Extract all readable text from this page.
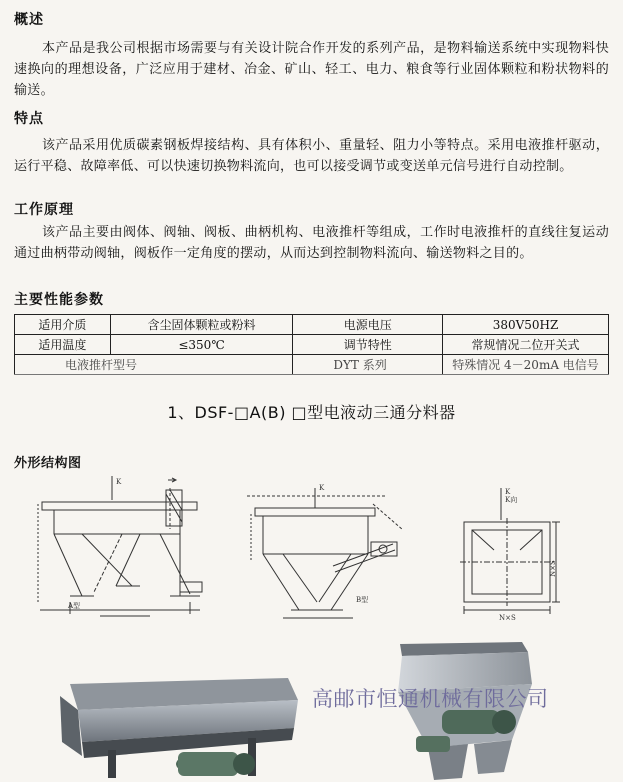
概述
本产品是我公司根据市场需要与有关设计院合作开发的系列产品，是物料输送系统中实现物料快速换向的理想设备，广泛应用于建材、冶金、矿山、轻工、电力、粮食等行业固体颗粒和粉状物料的输送。
特点
该产品采用优质碳素钢板焊接结构、具有体积小、重量轻、阻力小等特点。采用电液推杆驱动，运行平稳、故障率低、可以快速切换物料流向，也可以接受调节或变送单元信号进行自动控制。
工作原理
该产品主要由阀体、阀轴、阀板、曲柄机构、电液推杆等组成，工作时电液推杆的直线往复运动通过曲柄带动阀轴，阀板作一定角度的摆动，从而达到控制物料流向、输送物料之目的。
主要性能参数
适用介质	含尘固体颗粒或粉料	电源电压	380V50HZ
适用温度	≤350℃	调节特性	常规情况二位开关式
电液推杆型号		DYT 系列	特殊情况 4－20mA 电信号
1、DSF-□A(B) □型电液动三通分料器
外形结构图
K
A型
K
B型
K
K向
N×S
N×S
高邮市恒通机械有限公司
